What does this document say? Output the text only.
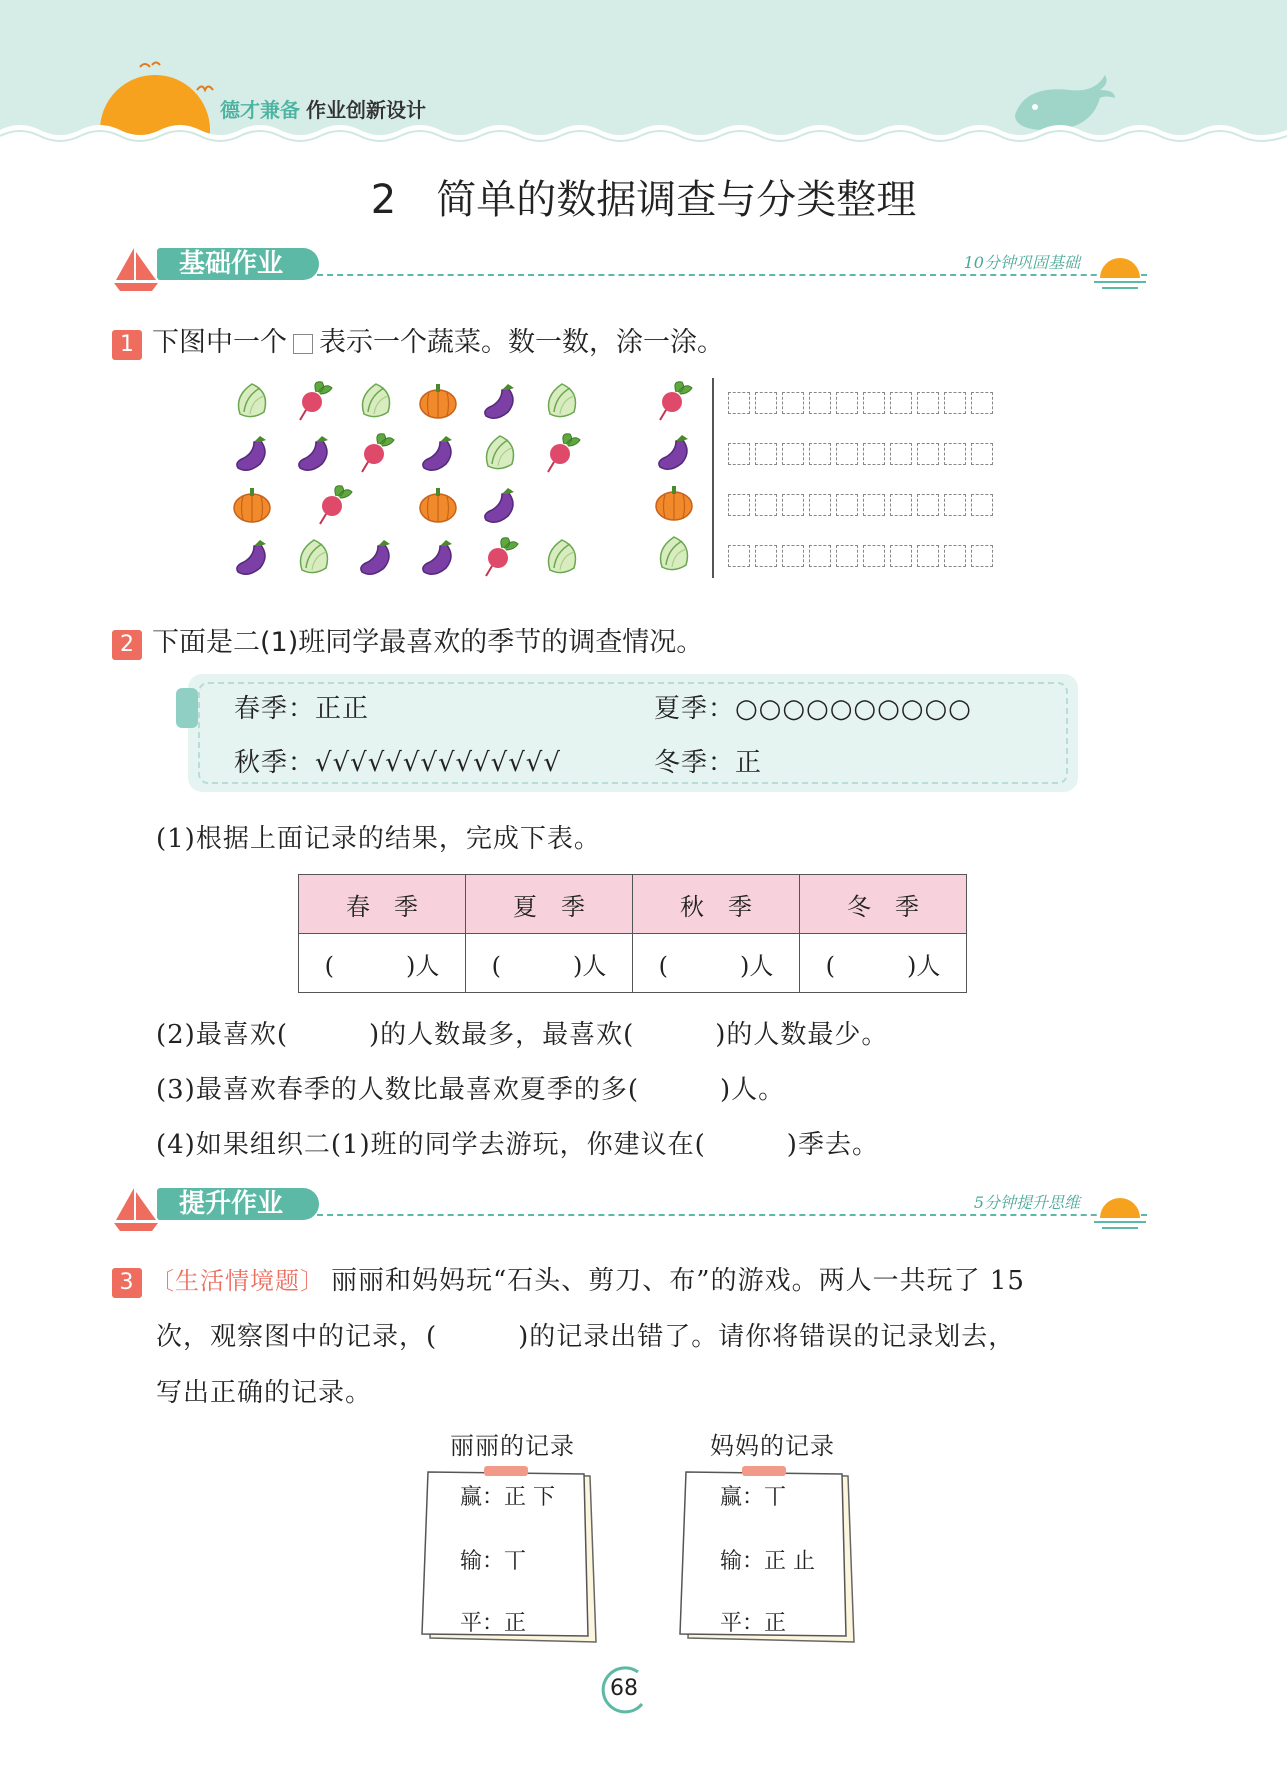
德才兼备 作业创新设计
2　简单的数据调查与分类整理
基础作业	10分钟巩固基础
1 下图中一个 表示一个蔬菜。数一数，涂一涂。
2 下面是二(1)班同学最喜欢的季节的调查情况。
春季：正正	夏季：○○○○○○○○○○
秋季：√√√√√√√√√√√√√√	冬季：正
(1)根据上面记录的结果，完成下表。
春　季	夏　季	秋　季	冬　季
(　　　)人	(　　　)人	(　　　)人	(　　　)人
(2)最喜欢(　　　)的人数最多，最喜欢(　　　)的人数最少。
(3)最喜欢春季的人数比最喜欢夏季的多(　　　)人。
(4)如果组织二(1)班的同学去游玩，你建议在(　　　)季去。
提升作业	5分钟提升思维
3 〔生活情境题〕 丽丽和妈妈玩“石头、剪刀、布”的游戏。两人一共玩了 15
次，观察图中的记录，(　　　)的记录出错了。请你将错误的记录划去，
写出正确的记录。
丽丽的记录
赢：正 下
输：丅
平：正
妈妈的记录
赢：丅
输：正 止
平：正
68
